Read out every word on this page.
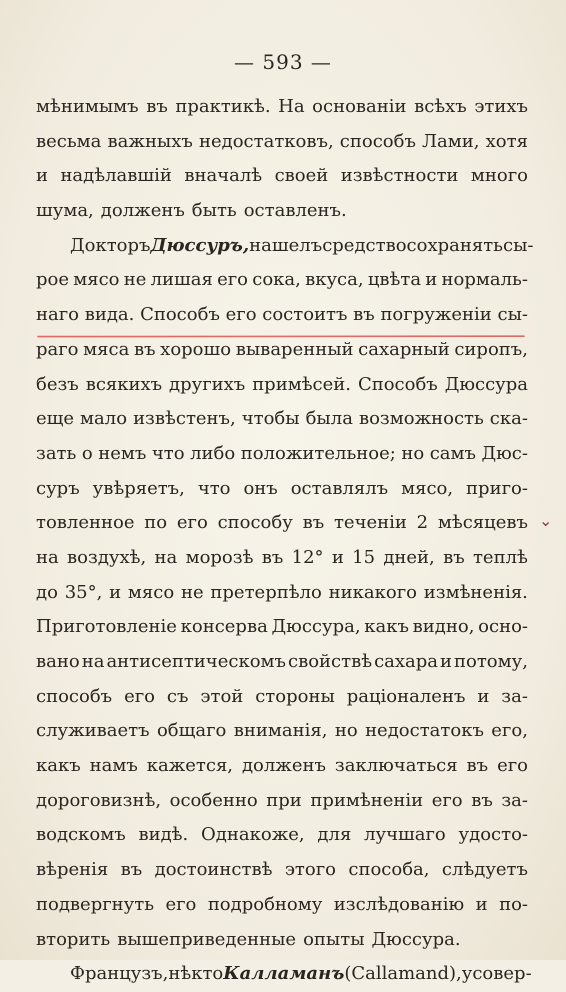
— 593 —
⌄
мѣнимымъ въ практикѣ. На основаніи всѣхъ этихъ
весьма важныхъ недостатковъ, способъ Лами, хотя
и надѣлавшій вначалѣ своей извѣстности много
шума, долженъ быть оставленъ.
Докторъ Дюссуръ, нашелъ средство сохранять сы-
рое мясо не лишая его сока, вкуса, цвѣта и нормаль-
наго вида. Способъ его состоитъ въ погруженіи сы-
раго мяса въ хорошо вываренный сахарный сиропъ,
безъ всякихъ другихъ примѣсей. Способъ Дюссура
еще мало извѣстенъ, чтобы была возможность ска-
зать о немъ что либо положительное; но самъ Дюс-
суръ увѣряетъ, что онъ оставлялъ мясо, приго-
товленное по его способу въ теченіи 2 мѣсяцевъ
на воздухѣ, на морозѣ въ 12° и 15 дней, въ теплѣ
до 35°, и мясо не претерпѣло никакого измѣненія.
Приготовленіе консерва Дюссура, какъ видно, осно-
вано на антисептическомъ свойствѣ сахара и потому,
способъ его съ этой стороны раціоналенъ и за-
служиваетъ общаго вниманія, но недостатокъ его,
какъ намъ кажется, долженъ заключаться въ его
дороговизнѣ, особенно при примѣненіи его въ за-
водскомъ видѣ. Однакоже, для лучшаго удосто-
вѣренія въ достоинствѣ этого способа, слѣдуетъ
подвергнуть его подробному изслѣдованію и по-
вторить вышеприведенные опыты Дюссура.
Французъ, нѣкто Калламанъ (Callamand), усовер-
